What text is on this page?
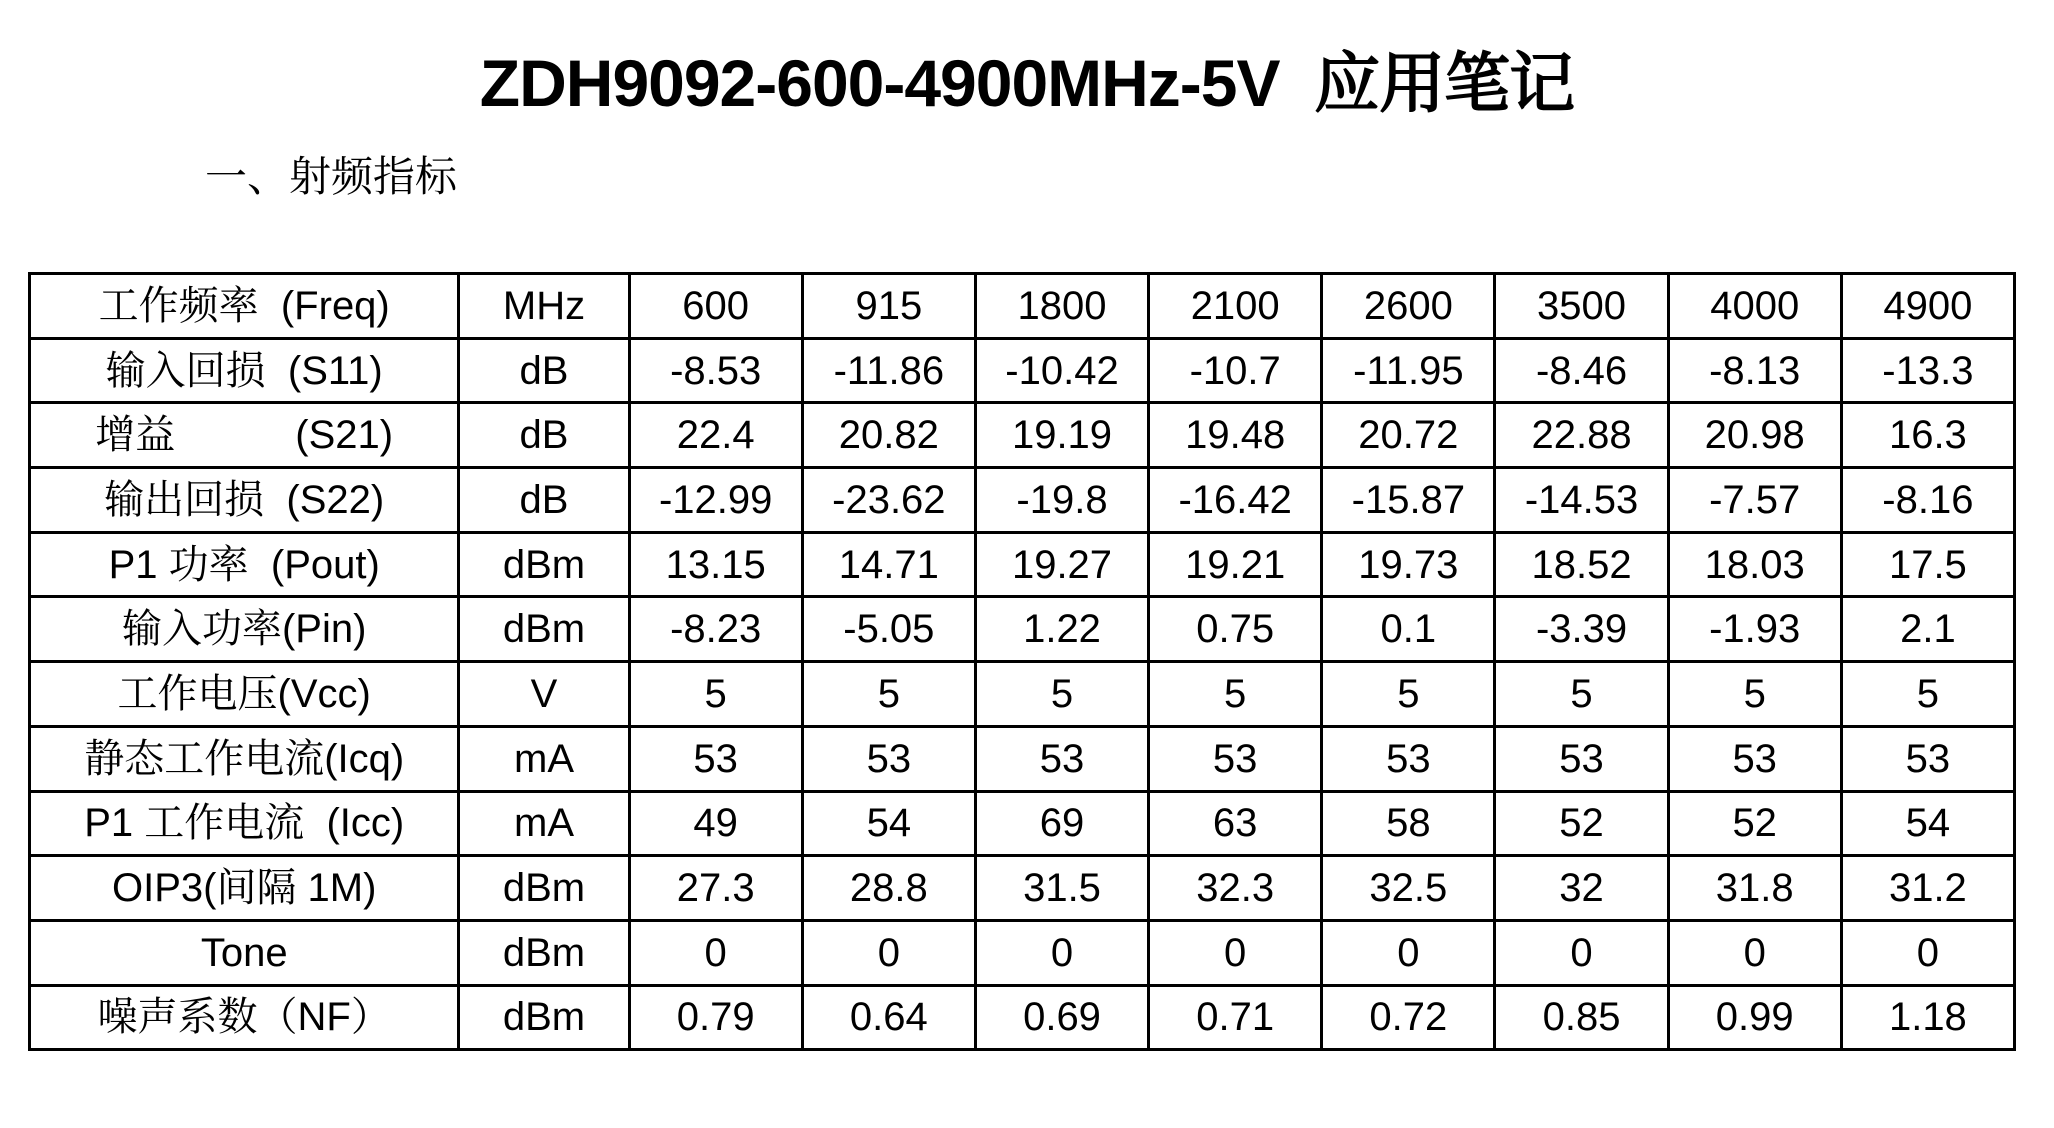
ZDH9092-600-4900MHz-5V  应用笔记
一、射频指标
工作频率  (Freq)	MHz	600	915	1800	2100	2600	3500	4000	4900
输入回损  (S11)	dB	-8.53	-11.86	-10.42	-10.7	-11.95	-8.46	-8.13	-13.3
增益　　　(S21)	dB	22.4	20.82	19.19	19.48	20.72	22.88	20.98	16.3
输出回损  (S22)	dB	-12.99	-23.62	-19.8	-16.42	-15.87	-14.53	-7.57	-8.16
P1 功率  (Pout)	dBm	13.15	14.71	19.27	19.21	19.73	18.52	18.03	17.5
输入功率(Pin)	dBm	-8.23	-5.05	1.22	0.75	0.1	-3.39	-1.93	2.1
工作电压(Vcc)	V	5	5	5	5	5	5	5	5
静态工作电流(Icq)	mA	53	53	53	53	53	53	53	53
P1 工作电流  (Icc)	mA	49	54	69	63	58	52	52	54
OIP3(间隔 1M)	dBm	27.3	28.8	31.5	32.3	32.5	32	31.8	31.2
Tone	dBm	0	0	0	0	0	0	0	0
噪声系数（NF）	dBm	0.79	0.64	0.69	0.71	0.72	0.85	0.99	1.18
